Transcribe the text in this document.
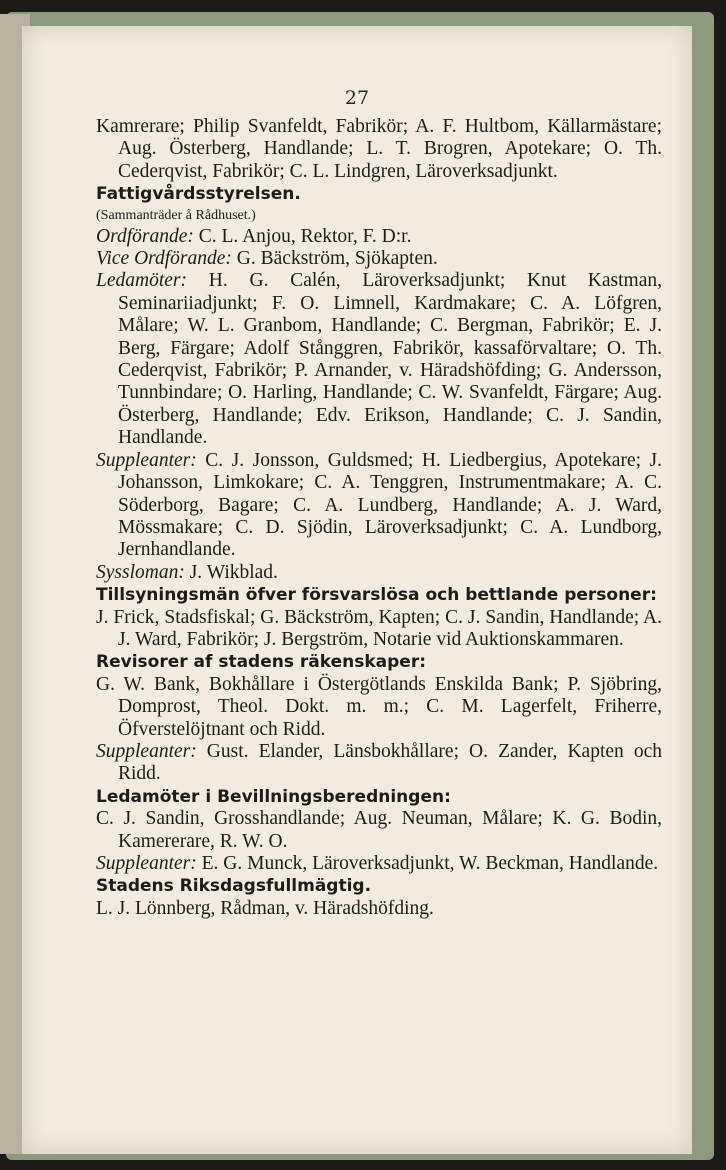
27

Kamrerare; Philip Svanfeldt, Fabrikör; A. F. Hultbom, Källarmästare; Aug. Österberg, Handlande; L. T. Brogren, Apotekare; O. Th. Cederqvist, Fabrikör; C. L. Lindgren, Läroverksadjunkt.

Fattigvårdsstyrelsen.

(Sammanträder å Rådhuset.)

Ordförande: C. L. Anjou, Rektor, F. D:r.

Vice Ordförande: G. Bäckström, Sjökapten.

Ledamöter: H. G. Calén, Läroverksadjunkt; Knut Kastman, Seminariiadjunkt; F. O. Limnell, Kardmakare; C. A. Löfgren, Målare; W. L. Granbom, Handlande; C. Bergman, Fabrikör; E. J. Berg, Färgare; Adolf Stånggren, Fabrikör, kassaförvaltare; O. Th. Cederqvist, Fabrikör; P. Arnander, v. Häradshöfding; G. Andersson, Tunnbindare; O. Harling, Handlande; C. W. Svanfeldt, Färgare; Aug. Österberg, Handlande; Edv. Erikson, Handlande; C. J. Sandin, Handlande.

Suppleanter: C. J. Jonsson, Guldsmed; H. Liedbergius, Apotekare; J. Johansson, Limkokare; C. A. Tenggren, Instrumentmakare; A. C. Söderborg, Bagare; C. A. Lundberg, Handlande; A. J. Ward, Mössmakare; C. D. Sjödin, Läroverksadjunkt; C. A. Lundborg, Jernhandlande.

Sysslоman: J. Wikblad.

Tillsyningsmän öfver försvarslösa och bettlande personer:

J. Frick, Stadsfiskal; G. Bäckström, Kapten; C. J. Sandin, Handlande; A. J. Ward, Fabrikör; J. Bergström, Notarie vid Auktionskammaren.

Revisorer af stadens räkenskaper:

G. W. Bank, Bokhållare i Östergötlands Enskilda Bank; P. Sjöbring, Domprost, Theol. Dokt. m. m.; C. M. Lagerfelt, Friherre, Öfverstelöjtnant och Ridd.

Suppleanter: Gust. Elander, Länsbokhållare; O. Zander, Kapten och Ridd.

Ledamöter i Bevillningsberedningen:

C. J. Sandin, Grosshandlande; Aug. Neuman, Målare; K. G. Bodin, Kamererare, R. W. O.

Suppleanter: E. G. Munck, Läroverksadjunkt, W. Beckman, Handlande.

Stadens Riksdagsfullmägtig.

L. J. Lönnberg, Rådman, v. Häradshöfding.
